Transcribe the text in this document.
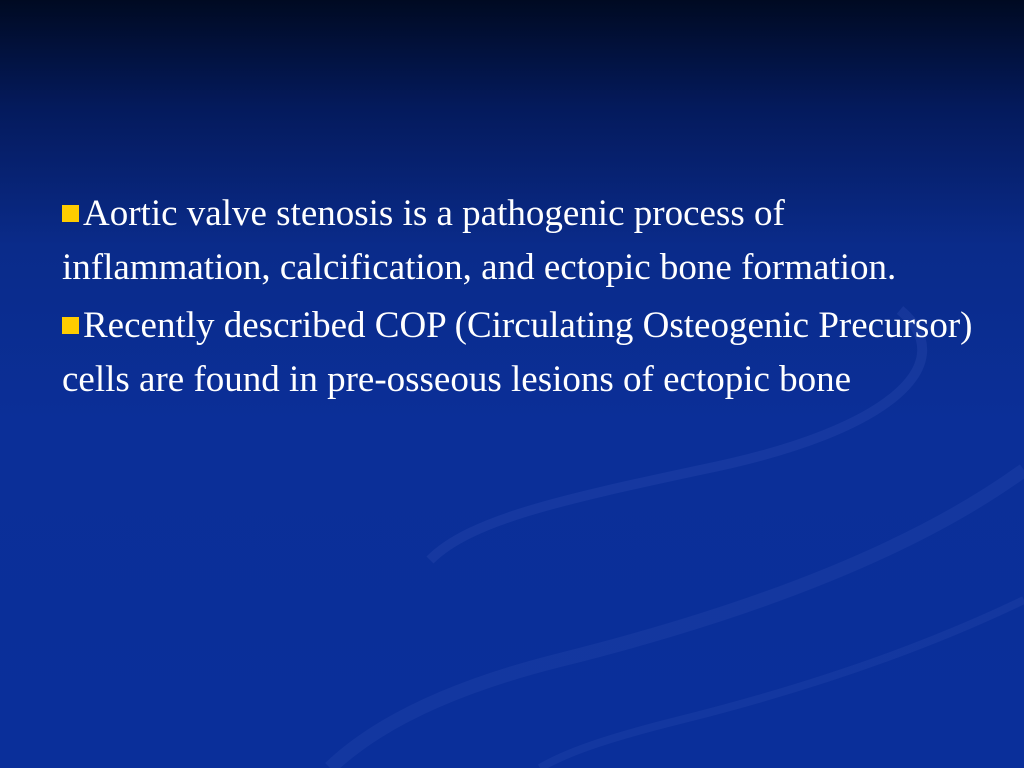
Aortic valve stenosis is a pathogenic process of inflammation, calcification, and ectopic bone formation.

Recently described COP (Circulating Osteogenic Precursor) cells are found in pre-osseous lesions of ectopic bone
